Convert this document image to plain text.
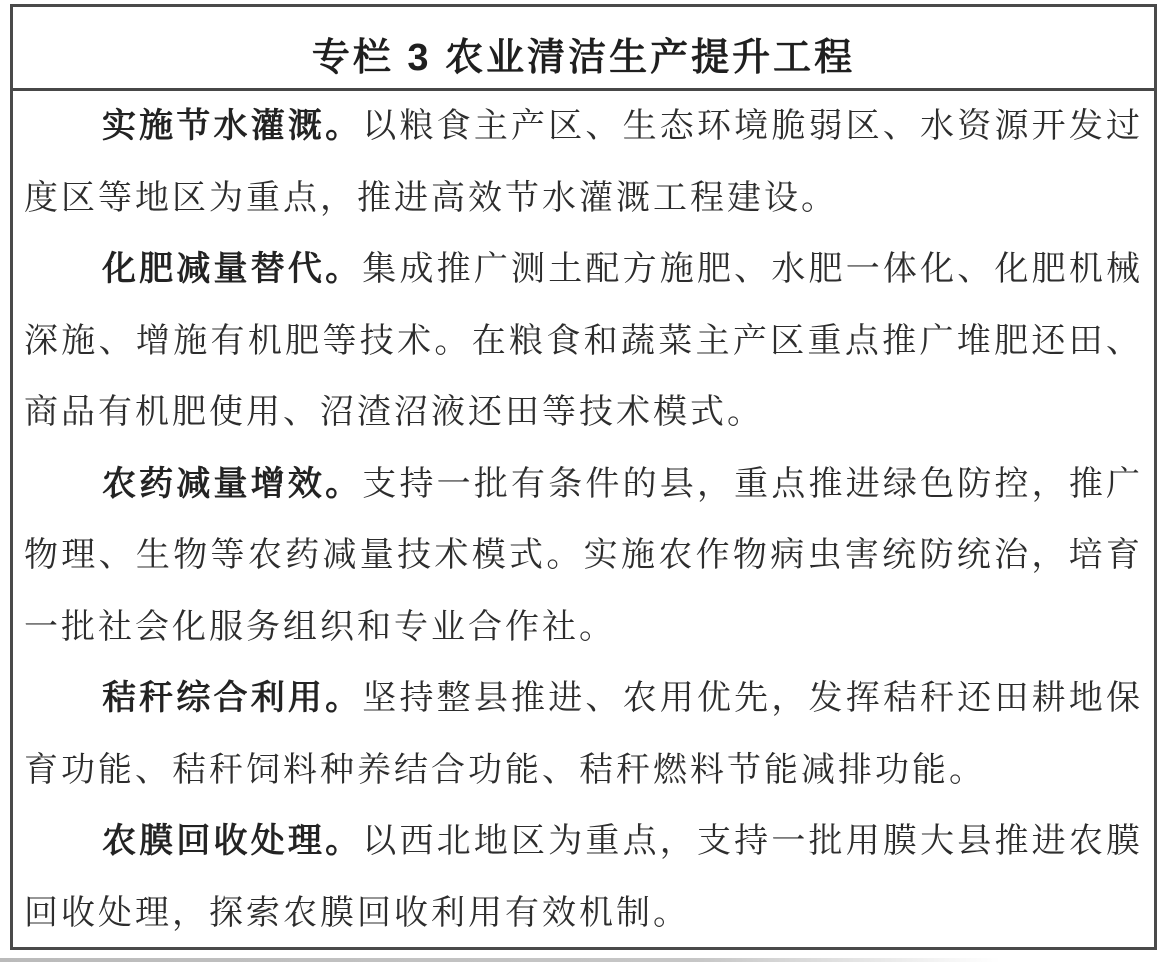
专栏 3 农业清洁生产提升工程

实施节水灌溉。以粮食主产区、生态环境脆弱区、水资源开发过度区等地区为重点，推进高效节水灌溉工程建设。

化肥减量替代。集成推广测土配方施肥、水肥一体化、化肥机械深施、增施有机肥等技术。在粮食和蔬菜主产区重点推广堆肥还田、商品有机肥使用、沼渣沼液还田等技术模式。

农药减量增效。支持一批有条件的县，重点推进绿色防控，推广物理、生物等农药减量技术模式。实施农作物病虫害统防统治，培育一批社会化服务组织和专业合作社。

秸秆综合利用。坚持整县推进、农用优先，发挥秸秆还田耕地保育功能、秸秆饲料种养结合功能、秸秆燃料节能减排功能。

农膜回收处理。以西北地区为重点，支持一批用膜大县推进农膜回收处理，探索农膜回收利用有效机制。
